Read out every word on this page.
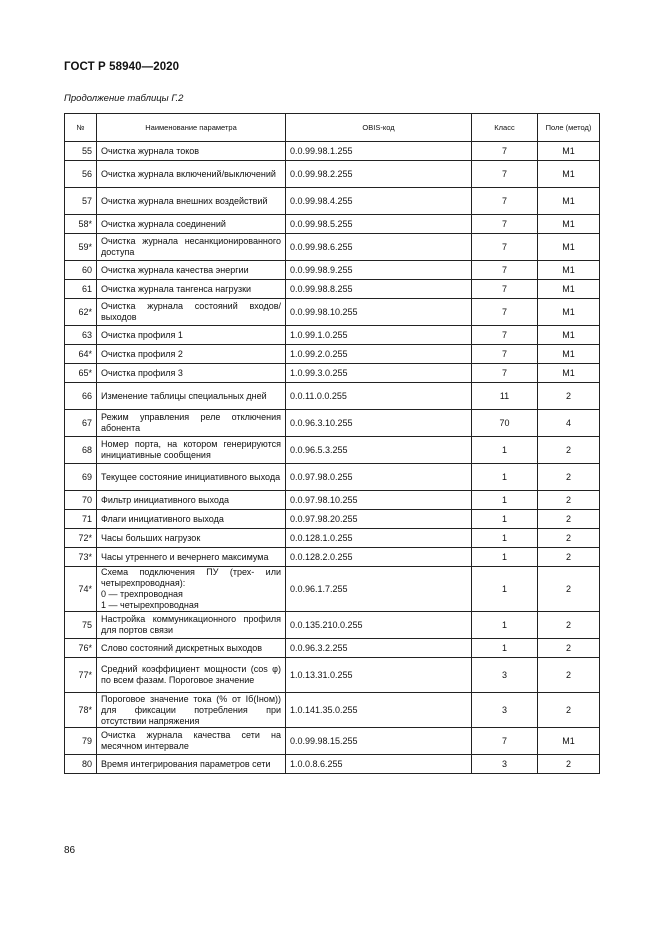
ГОСТ Р 58940—2020
Продолжение таблицы Г.2
№	Наименование параметра	OBIS-код	Класс	Поле (метод)
55	Очистка журнала токов	0.0.99.98.1.255	7	M1
56	Очистка журнала включений/выключений	0.0.99.98.2.255	7	M1
57	Очистка журнала внешних воздействий	0.0.99.98.4.255	7	M1
58*	Очистка журнала соединений	0.0.99.98.5.255	7	M1
59*	Очистка журнала несанкционированного доступа	0.0.99.98.6.255	7	M1
60	Очистка журнала качества энергии	0.0.99.98.9.255	7	M1
61	Очистка журнала тангенса нагрузки	0.0.99.98.8.255	7	M1
62*	Очистка журнала состояний входов/выходов	0.0.99.98.10.255	7	M1
63	Очистка профиля 1	1.0.99.1.0.255	7	M1
64*	Очистка профиля 2	1.0.99.2.0.255	7	M1
65*	Очистка профиля 3	1.0.99.3.0.255	7	M1
66	Изменение таблицы специальных дней	0.0.11.0.0.255	11	2
67	Режим управления реле отключения абонента	0.0.96.3.10.255	70	4
68	Номер порта, на котором генерируются инициативные сообщения	0.0.96.5.3.255	1	2
69	Текущее состояние инициативного выхода	0.0.97.98.0.255	1	2
70	Фильтр инициативного выхода	0.0.97.98.10.255	1	2
71	Флаги инициативного выхода	0.0.97.98.20.255	1	2
72*	Часы больших нагрузок	0.0.128.1.0.255	1	2
73*	Часы утреннего и вечернего максимума	0.0.128.2.0.255	1	2
74*	Схема подключения ПУ (трех- или четырехпроводная):
0 — трехпроводная
1 — четырехпроводная	0.0.96.1.7.255	1	2
75	Настройка коммуникационного профиля для портов связи	0.0.135.210.0.255	1	2
76*	Слово состояний дискретных выходов	0.0.96.3.2.255	1	2
77*	Средний коэффициент мощности (cos φ) по всем фазам. Пороговое значение	1.0.13.31.0.255	3	2
78*	Пороговое значение тока (% от Iб(Iном)) для фиксации потребления при отсутствии напряжения	1.0.141.35.0.255	3	2
79	Очистка журнала качества сети на месячном интервале	0.0.99.98.15.255	7	M1
80	Время интегрирования параметров сети	1.0.0.8.6.255	3	2
86
